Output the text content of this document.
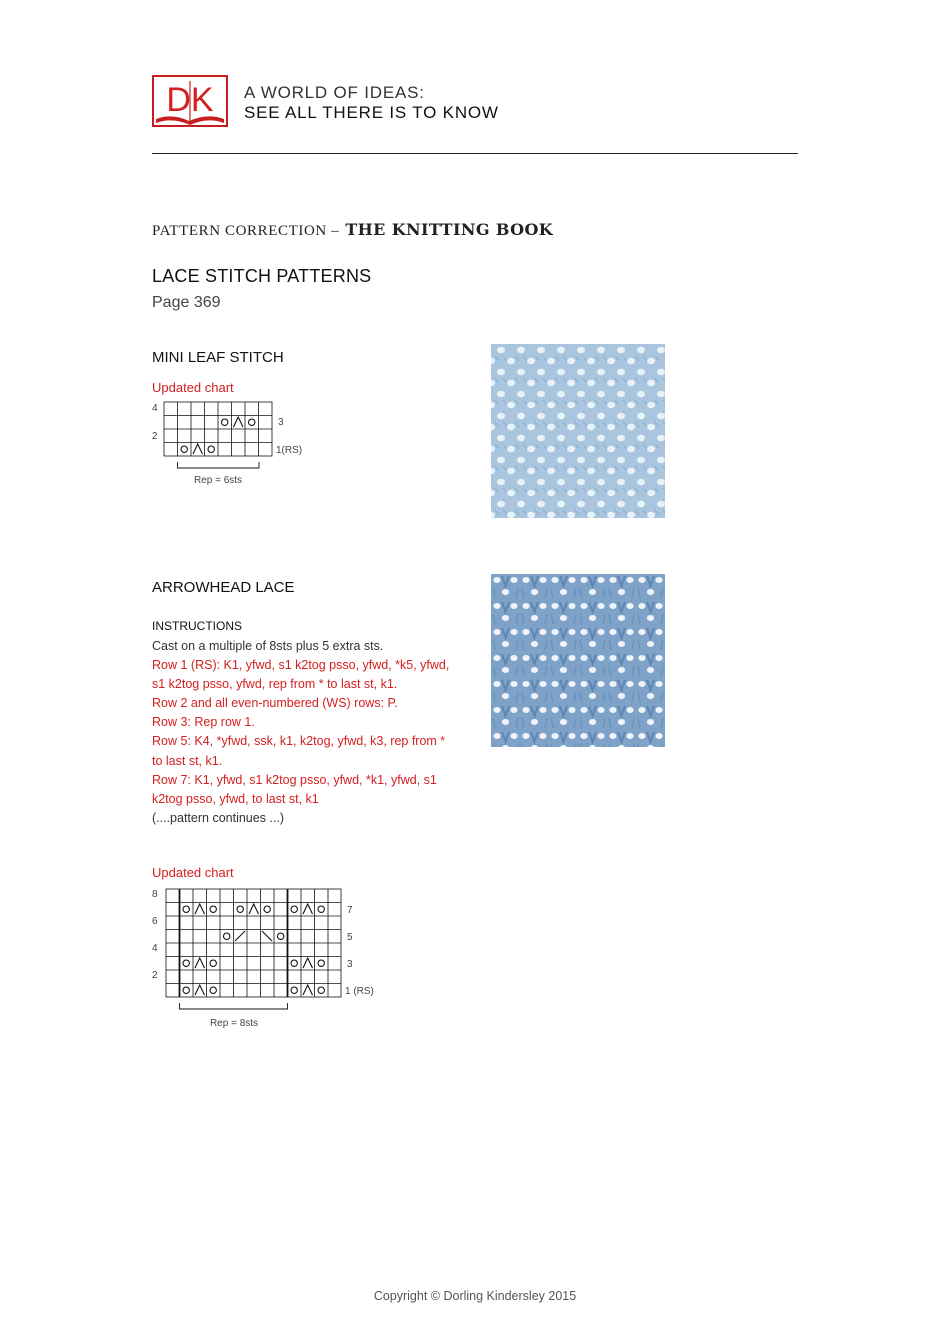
DK A WORLD OF IDEAS:
SEE ALL THERE IS TO KNOW
PATTERN CORRECTION – THE KNITTING BOOK
LACE STITCH PATTERNS
Page 369
MINI LEAF STITCH
Updated chart
4
2
3
1(RS)
Rep = 6sts
ARROWHEAD LACE
INSTRUCTIONS

Cast on a multiple of 8sts plus 5 extra sts.

Row 1 (RS): K1, yfwd, s1 k2tog psso, yfwd, *k5, yfwd, s1 k2tog psso, yfwd, rep from * to last st, k1.

Row 2 and all even-numbered (WS) rows: P.

Row 3: Rep row 1.

Row 5: K4, *yfwd, ssk, k1, k2tog, yfwd, k3, rep from * to last st, k1.

Row 7: K1, yfwd, s1 k2tog psso, yfwd, *k1, yfwd, s1 k2tog psso, yfwd, to last st, k1

(....pattern continues ...)

Updated chart
8
6
4
2
7
5
3
1 (RS)
Rep = 8sts
Copyright © Dorling Kindersley 2015
